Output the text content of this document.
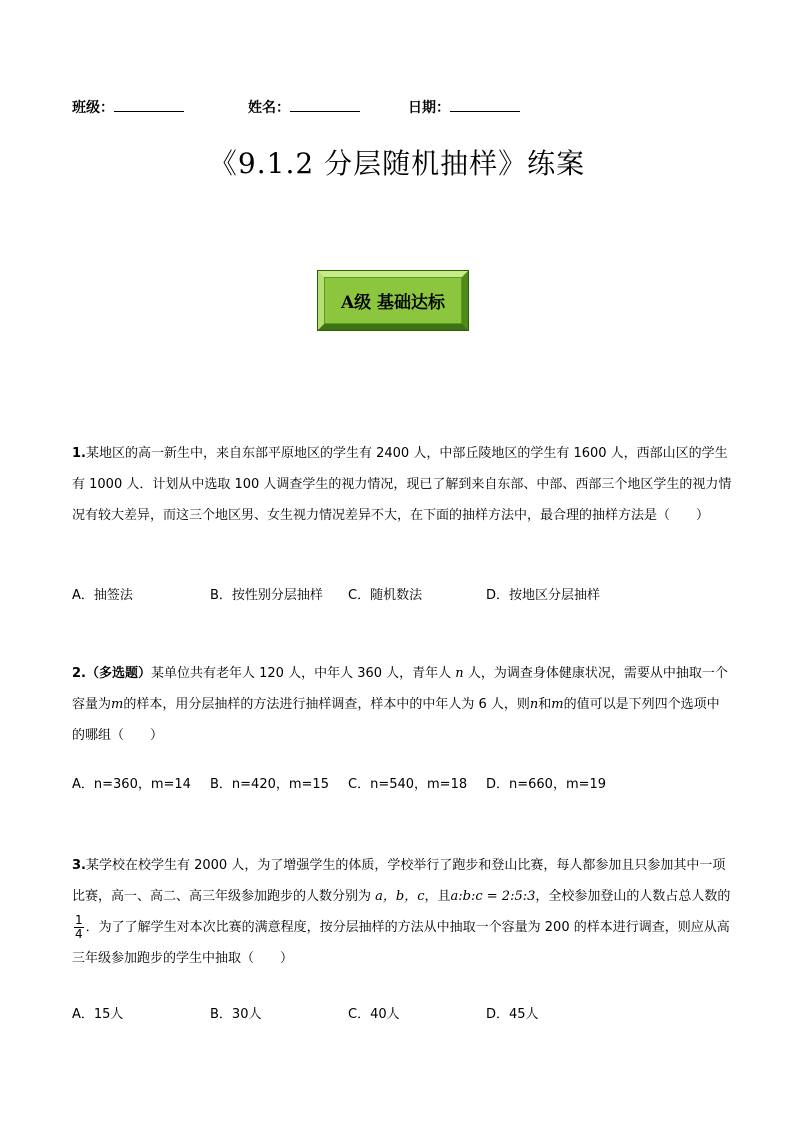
班级：	姓名：	日期：
《9.1.2 分层随机抽样》练案
A级 基础达标
1.某地区的高一新生中，来自东部平原地区的学生有 2400 人，中部丘陵地区的学生有 1600 人，西部山区的学生有 1000 人．计划从中选取 100 人调查学生的视力情况，现已了解到来自东部、中部、西部三个地区学生的视力情况有较大差异，而这三个地区男、女生视力情况差异不大，在下面的抽样方法中，最合理的抽样方法是（　　）
A．抽签法	B．按性别分层抽样 C．随机数法	D．按地区分层抽样
2.（多选题）某单位共有老年人 120 人，中年人 360 人，青年人 n 人，为调查身体健康状况，需要从中抽取一个容量为m的样本，用分层抽样的方法进行抽样调查，样本中的中年人为 6 人，则n和m的值可以是下列四个选项中的哪组（　　）
A．n=360，m=14 B．n=420，m=15 C．n=540，m=18 D．n=660，m=19
3.某学校在校学生有 2000 人，为了增强学生的体质，学校举行了跑步和登山比赛，每人都参加且只参加其中一项比赛，高一、高二、高三年级参加跑步的人数分别为 a，b，c，且a:b:c = 2:5:3，全校参加登山的人数占总人数的
$\frac{1}{4}$ ．为了了解学生对本次比赛的满意程度，按分层抽样的方法从中抽取一个容量为 200 的样本进行调查，则应从高三年级参加跑步的学生中抽取（　　）
A．15人	B．30人	C．40人	D．45人
